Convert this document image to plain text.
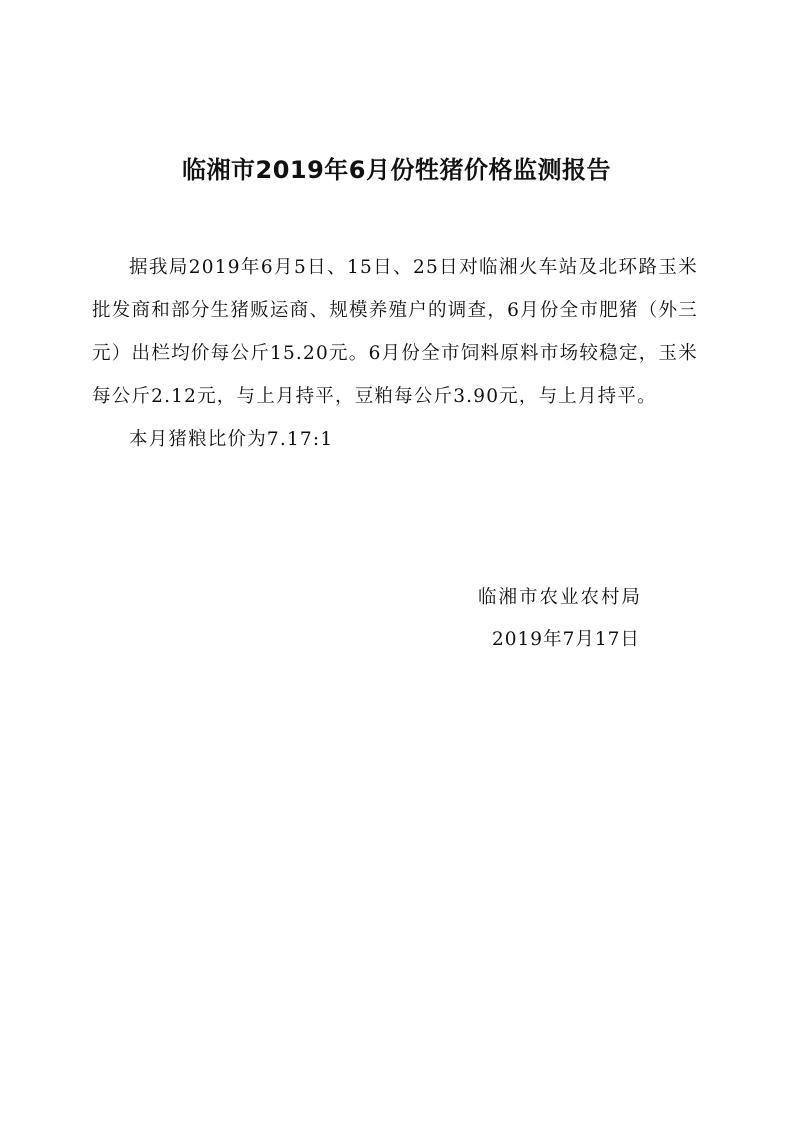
临湘市2019年6月份牲猪价格监测报告

据我局2019年6月5日、15日、25日对临湘火车站及北环路玉米批发商和部分生猪贩运商、规模养殖户的调查，6月份全市肥猪（外三元）出栏均价每公斤15.20元。6月份全市饲料原料市场较稳定，玉米每公斤2.12元，与上月持平，豆粕每公斤3.90元，与上月持平。

本月猪粮比价为7.17:1

临湘市农业农村局

2019年7月17日
